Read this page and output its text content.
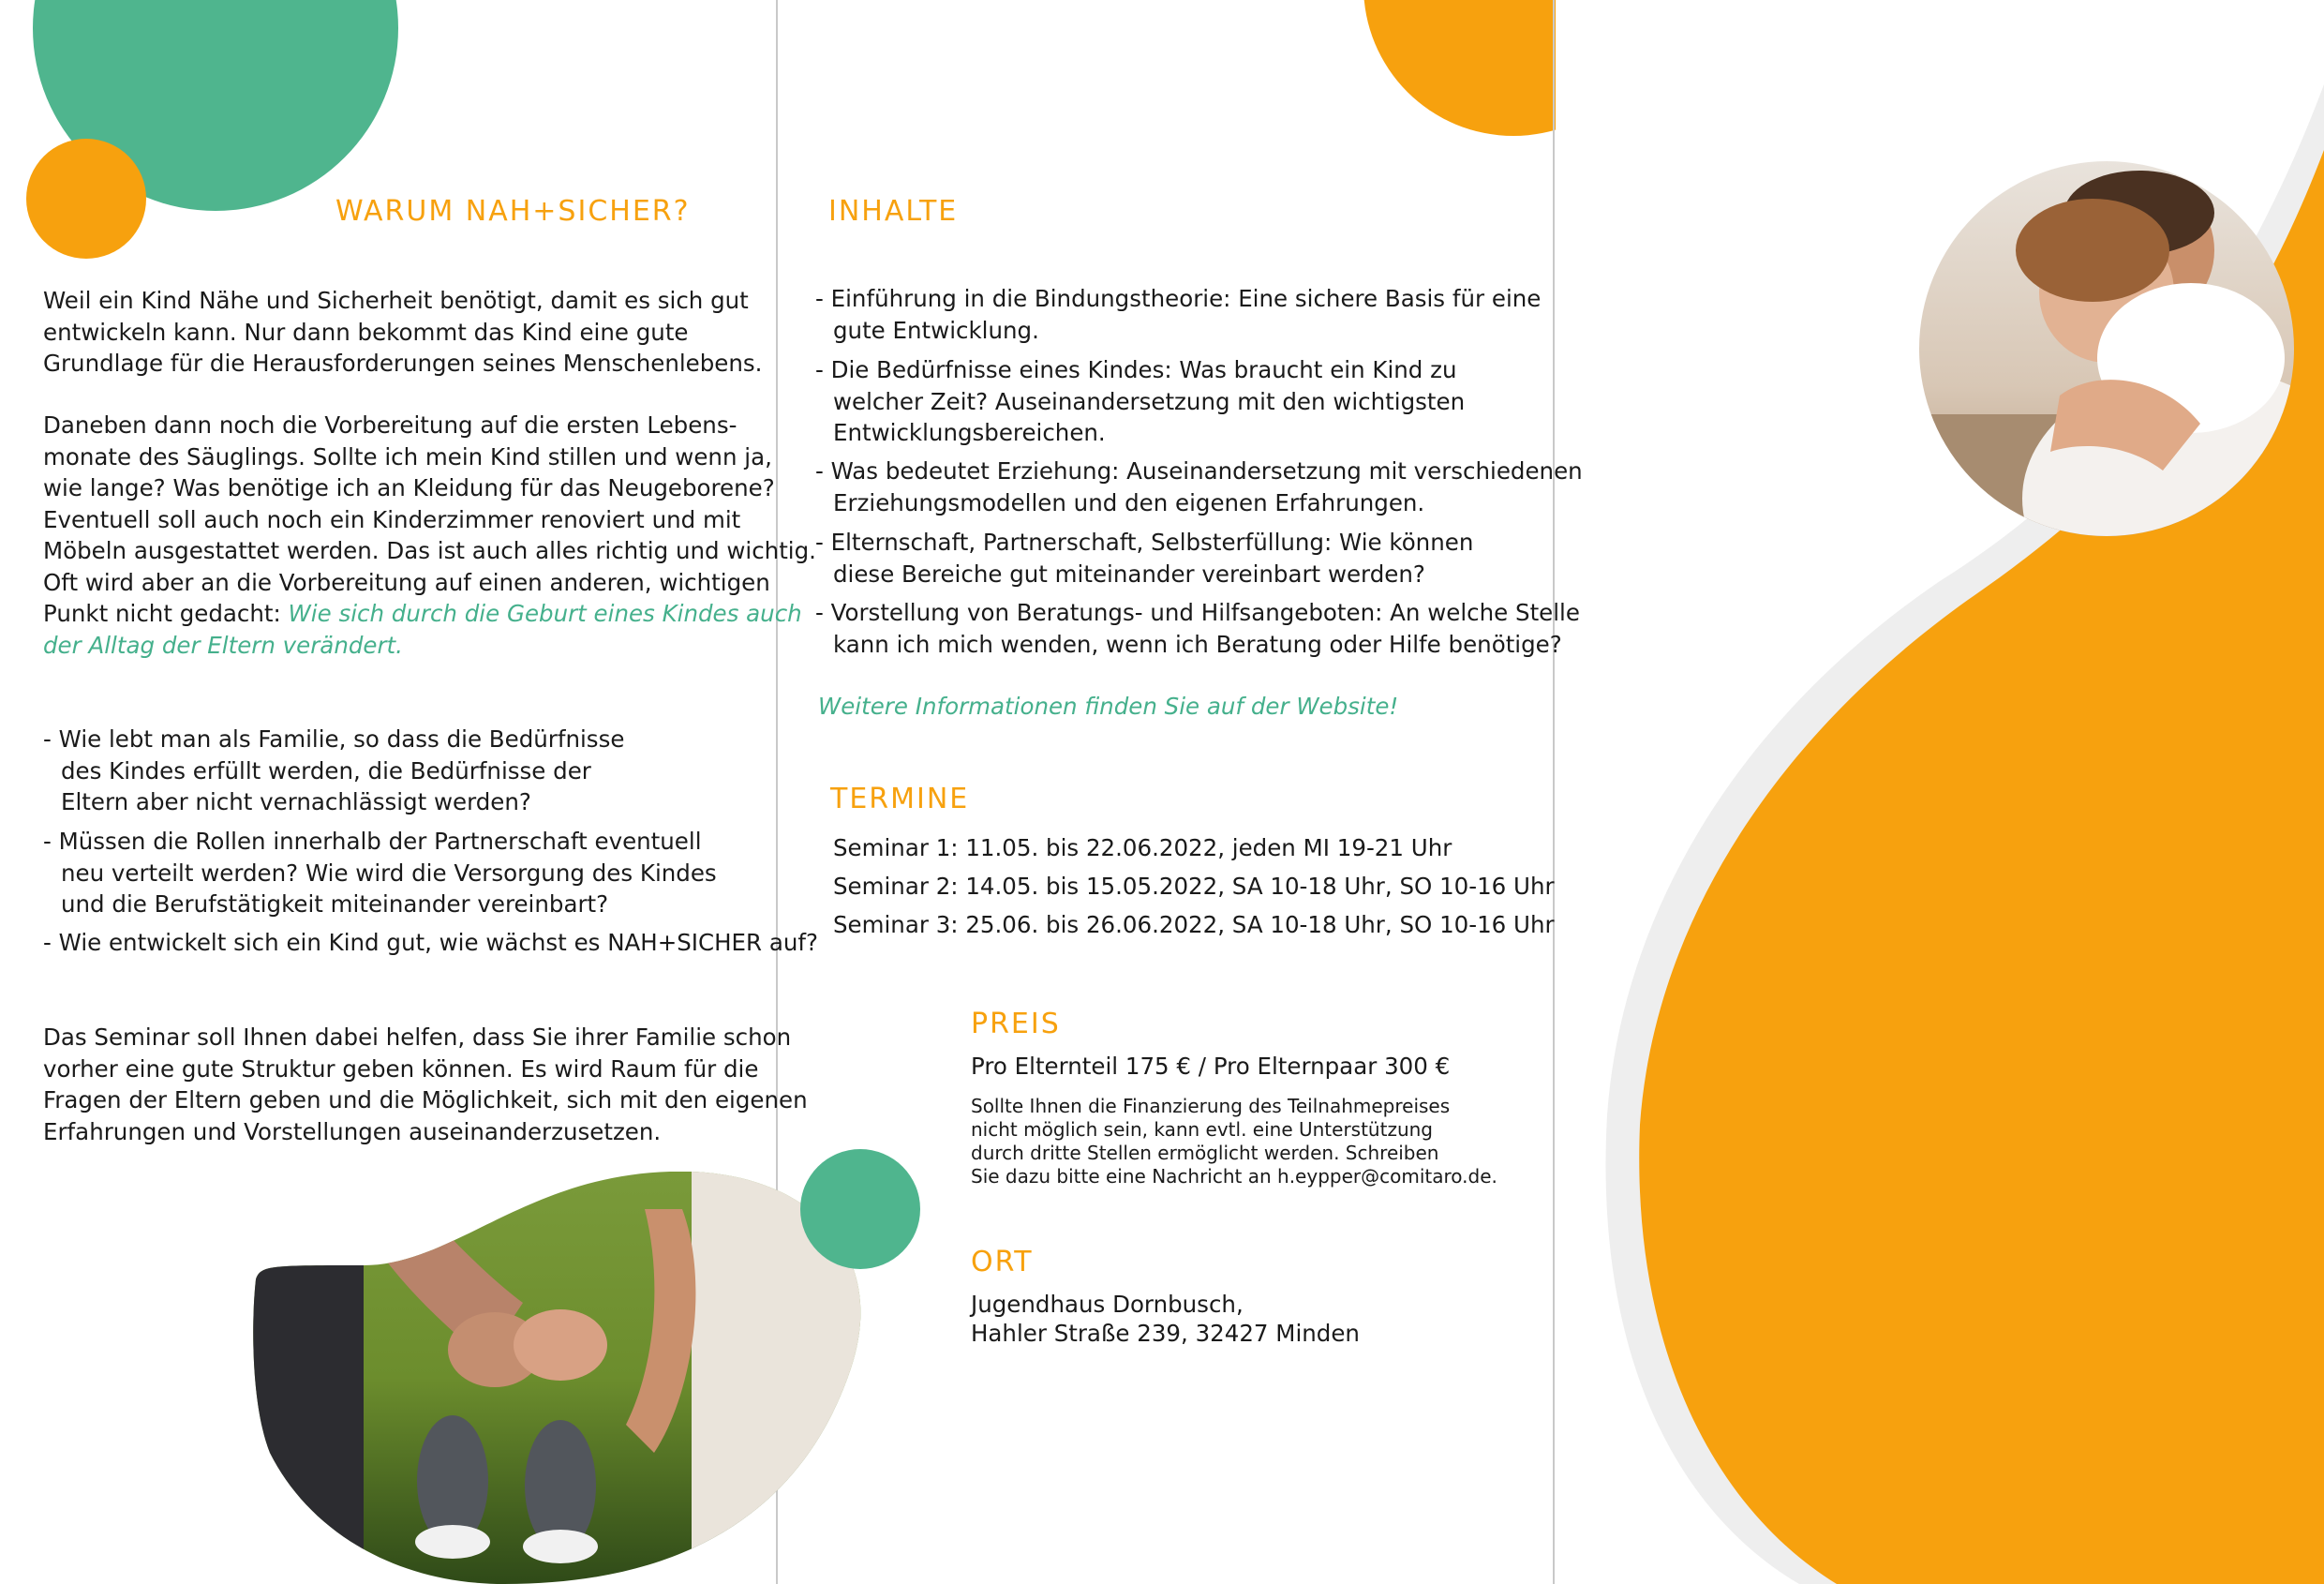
WARUM NAH+SICHER?
Weil ein Kind Nähe und Sicherheit benötigt, damit es sich gut
entwickeln kann. Nur dann bekommt das Kind eine gute
Grundlage für die Herausforderungen seines Menschenlebens.
Daneben dann noch die Vorbereitung auf die ersten Lebens-
monate des Säuglings. Sollte ich mein Kind stillen und wenn ja,
wie lange? Was benötige ich an Kleidung für das Neugeborene?
Eventuell soll auch noch ein Kinderzimmer renoviert und mit
Möbeln ausgestattet werden. Das ist auch alles richtig und wichtig.
Oft wird aber an die Vorbereitung auf einen anderen, wichtigen
Punkt nicht gedacht: Wie sich durch die Geburt eines Kindes auch
der Alltag der Eltern verändert.
- Wie lebt man als Familie, so dass die Bedürfnisse
des Kindes erfüllt werden, die Bedürfnisse der
Eltern aber nicht vernachlässigt werden?
- Müssen die Rollen innerhalb der Partnerschaft eventuell
neu verteilt werden? Wie wird die Versorgung des Kindes
und die Berufstätigkeit miteinander vereinbart?
- Wie entwickelt sich ein Kind gut, wie wächst es NAH+SICHER auf?
Das Seminar soll Ihnen dabei helfen, dass Sie ihrer Familie schon
vorher eine gute Struktur geben können. Es wird Raum für die
Fragen der Eltern geben und die Möglichkeit, sich mit den eigenen
Erfahrungen und Vorstellungen auseinanderzusetzen.
INHALTE
- Einführung in die Bindungstheorie: Eine sichere Basis für eine
gute Entwicklung.
- Die Bedürfnisse eines Kindes: Was braucht ein Kind zu
welcher Zeit? Auseinandersetzung mit den wichtigsten
Entwicklungsbereichen.
- Was bedeutet Erziehung: Auseinandersetzung mit verschiedenen
Erziehungsmodellen und den eigenen Erfahrungen.
- Elternschaft, Partnerschaft, Selbsterfüllung: Wie können
diese Bereiche gut miteinander vereinbart werden?
- Vorstellung von Beratungs- und Hilfsangeboten: An welche Stelle
kann ich mich wenden, wenn ich Beratung oder Hilfe benötige?
Weitere Informationen finden Sie auf der Website!
TERMINE
Seminar 1: 11.05. bis 22.06.2022, jeden MI 19-21 Uhr
Seminar 2: 14.05. bis 15.05.2022, SA 10-18 Uhr, SO 10-16 Uhr
Seminar 3: 25.06. bis 26.06.2022, SA 10-18 Uhr, SO 10-16 Uhr
PREIS
Pro Elternteil 175 € / Pro Elternpaar 300 €
Sollte Ihnen die Finanzierung des Teilnahmepreises
nicht möglich sein, kann evtl. eine Unterstützung
durch dritte Stellen ermöglicht werden. Schreiben
Sie dazu bitte eine Nachricht an h.eypper@comitaro.de.
ORT
Jugendhaus Dornbusch,
Hahler Straße 239, 32427 Minden
